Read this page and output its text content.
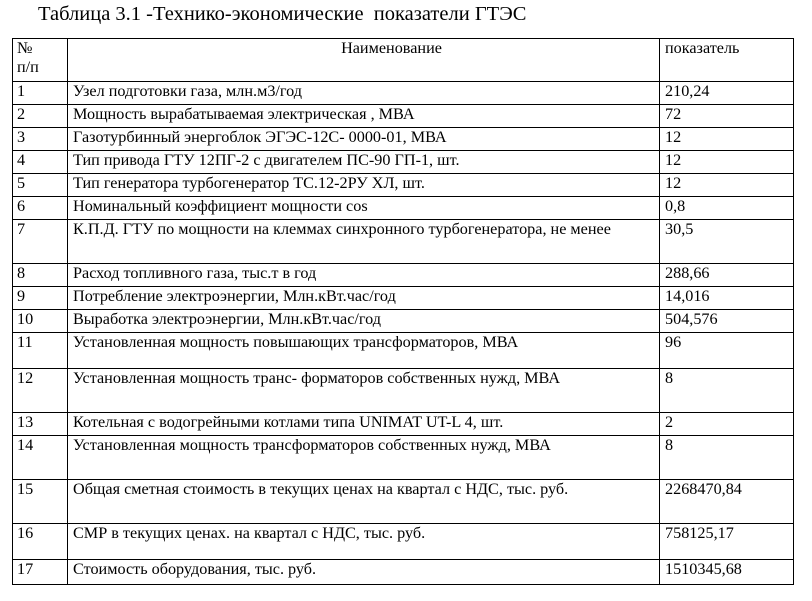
Таблица 3.1 -Технико-экономические  показатели ГТЭС
№
п/п	Наименование	показатель
1	Узел подготовки газа, млн.м3/год	210,24
2	Мощность вырабатываемая электрическая , МВА	72
3	Газотурбинный энергоблок ЭГЭС-12С- 0000-01, МВА	12
4	Тип привода ГТУ 12ПГ-2 с двигателем ПС-90 ГП-1, шт.	12
5	Тип генератора турбогенератор ТС.12-2РУ ХЛ, шт.	12
6	Номинальный коэффициент мощности cos	0,8
7	К.П.Д. ГТУ по мощности на клеммах синхронного турбогенератора, не менее	30,5
8	Расход топливного газа, тыс.т в год	288,66
9	Потребление электроэнергии, Млн.кВт.час/год	14,016
10	Выработка электроэнергии, Млн.кВт.час/год	504,576
11	Установленная мощность повышающих трансформаторов, МВА	96
12	Установленная мощность транс- форматоров собственных нужд, МВА	8
13	Котельная с водогрейными котлами типа UNIMAT UT-L 4, шт.	2
14	Установленная мощность трансформаторов собственных нужд, МВА	8
15	Общая сметная стоимость в текущих ценах на квартал с НДС, тыс. руб.	2268470,84
16	СМР в текущих ценах. на квартал с НДС, тыс. руб.	758125,17
17	Стоимость оборудования, тыс. руб.	1510345,68
